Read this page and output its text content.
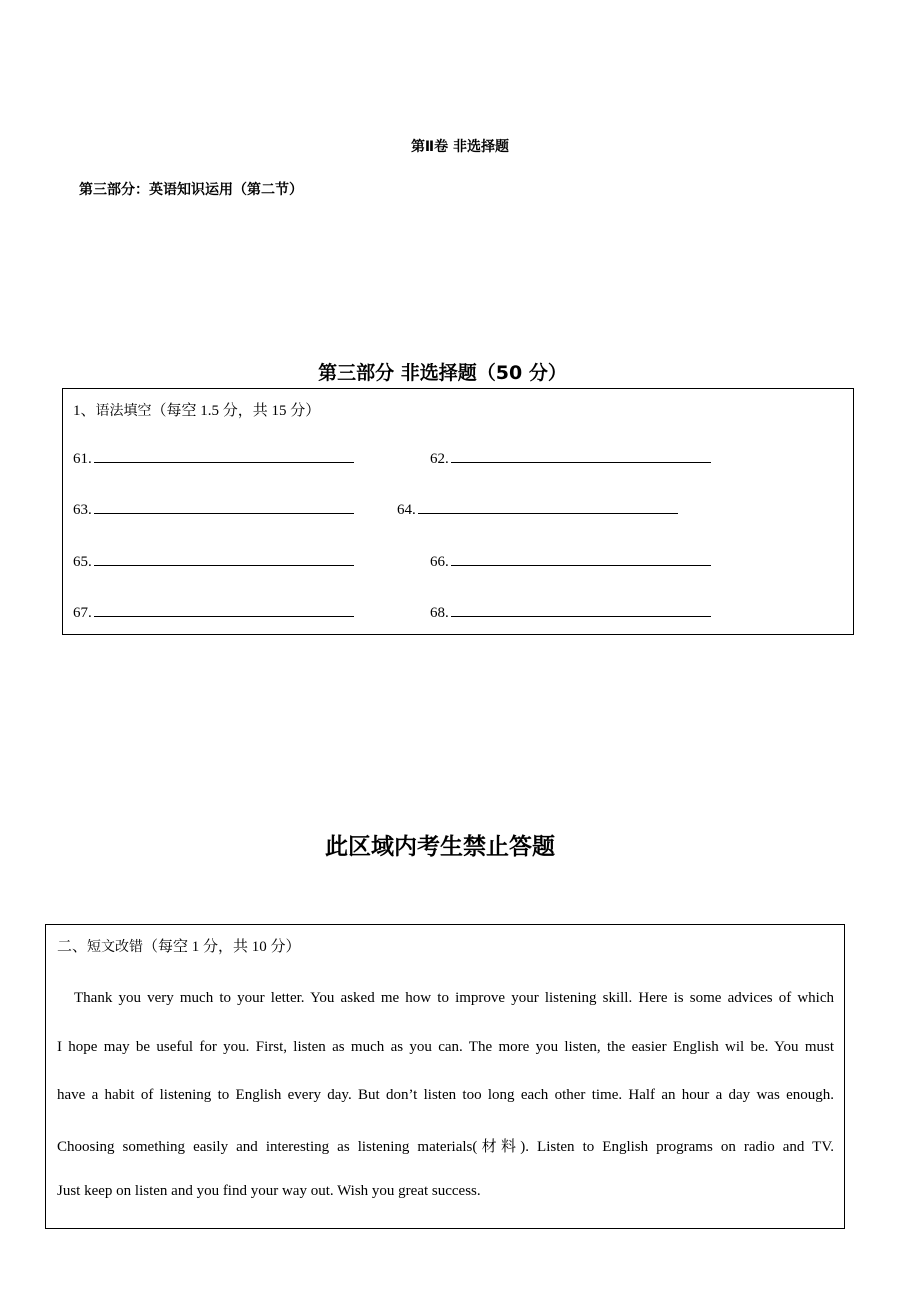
第Ⅱ卷 非选择题
第三部分：英语知识运用（第二节）
第三部分 非选择题（50 分）
1、语法填空（每空 1.5 分，共 15 分）
61.	62.
63.	64.
65.	66.
67.	68.
此区域内考生禁止答题
二、短文改错（每空 1 分，共 10 分）
Thank you very much to your letter. You asked me how to improve your listening skill. Here is some advices of which
I hope may be useful for you. First, listen as much as you can. The more you listen, the easier English wil be. You must
have a habit of listening to English every day. But don’t listen too long each other time. Half an hour a day was enough.
Choosing something easily and interesting as listening materials(材料). Listen to English programs on radio and TV.
Just keep on listen and you find your way out. Wish you great success.
